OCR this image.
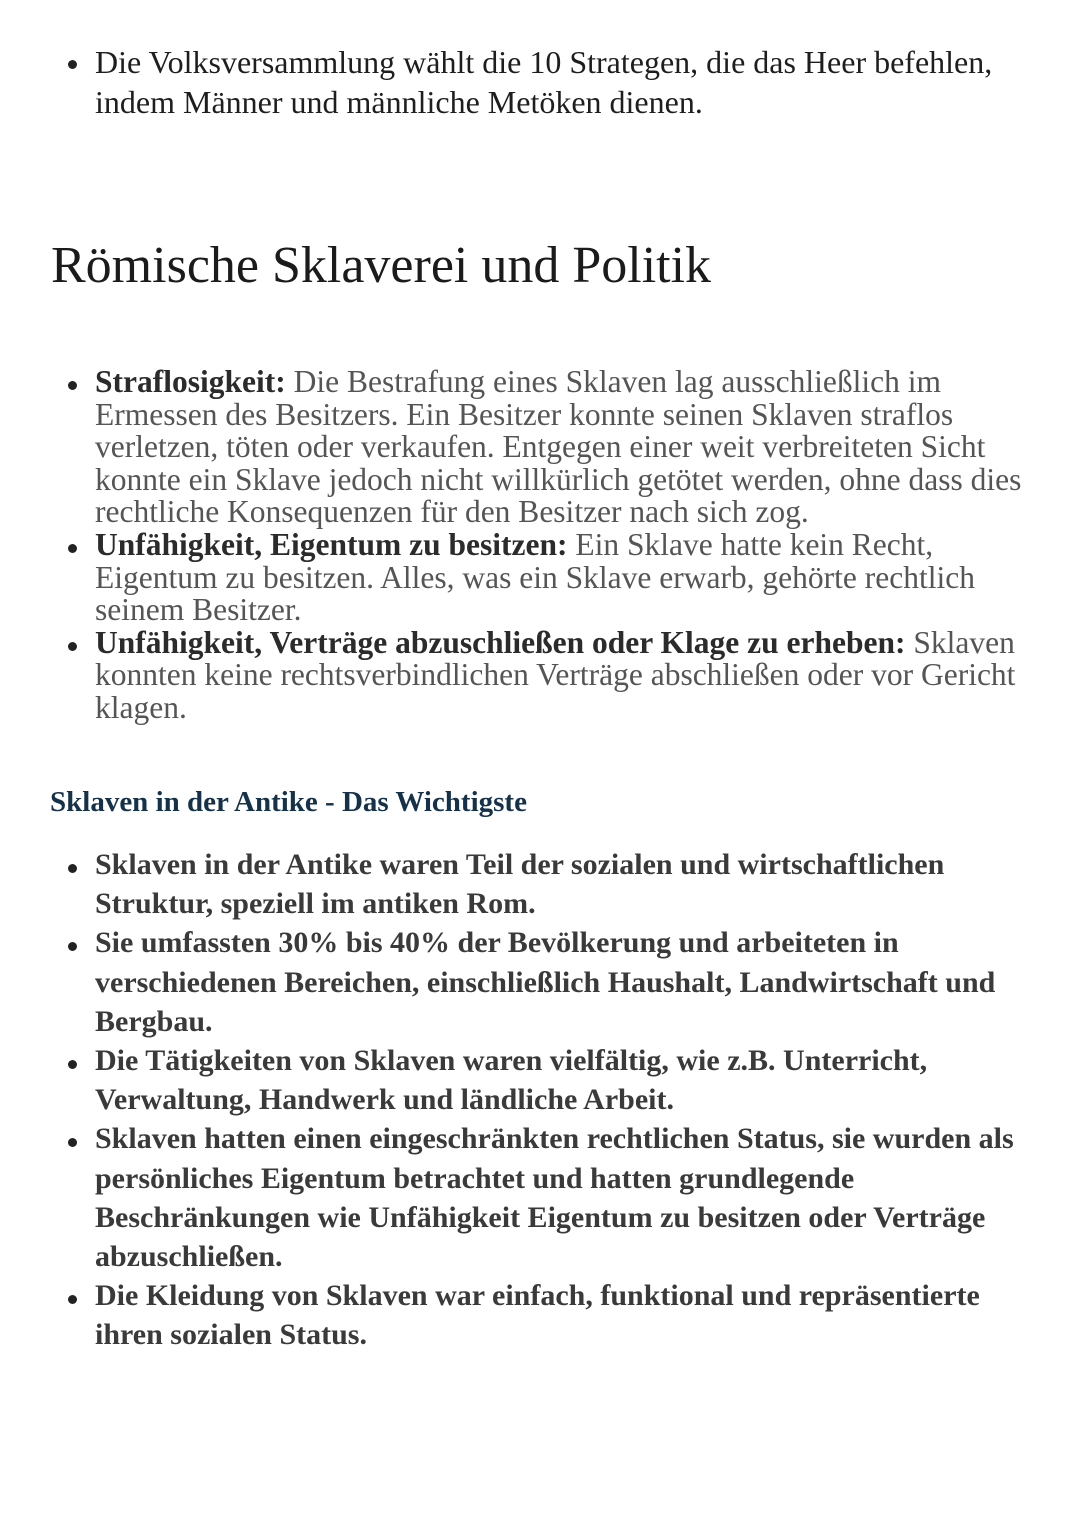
Die Volksversammlung wählt die 10 Strategen, die das Heer befehlen, indem Männer und männliche Metöken dienen.
Römische Sklaverei und Politik
Straflosigkeit: Die Bestrafung eines Sklaven lag ausschließlich im Ermessen des Besitzers. Ein Besitzer konnte seinen Sklaven straflos verletzen, töten oder verkaufen. Entgegen einer weit verbreiteten Sicht konnte ein Sklave jedoch nicht willkürlich getötet werden, ohne dass dies rechtliche Konsequenzen für den Besitzer nach sich zog.
Unfähigkeit, Eigentum zu besitzen: Ein Sklave hatte kein Recht, Eigentum zu besitzen. Alles, was ein Sklave erwarb, gehörte rechtlich seinem Besitzer.
Unfähigkeit, Verträge abzuschließen oder Klage zu erheben: Sklaven konnten keine rechtsverbindlichen Verträge abschließen oder vor Gericht klagen.
Sklaven in der Antike - Das Wichtigste
Sklaven in der Antike waren Teil der sozialen und wirtschaftlichen Struktur, speziell im antiken Rom.
Sie umfassten 30% bis 40% der Bevölkerung und arbeiteten in verschiedenen Bereichen, einschließlich Haushalt, Landwirtschaft und Bergbau.
Die Tätigkeiten von Sklaven waren vielfältig, wie z.B. Unterricht, Verwaltung, Handwerk und ländliche Arbeit.
Sklaven hatten einen eingeschränkten rechtlichen Status, sie wurden als persönliches Eigentum betrachtet und hatten grundlegende Beschränkungen wie Unfähigkeit Eigentum zu besitzen oder Verträge abzuschließen.
Die Kleidung von Sklaven war einfach, funktional und repräsentierte ihren sozialen Status.
